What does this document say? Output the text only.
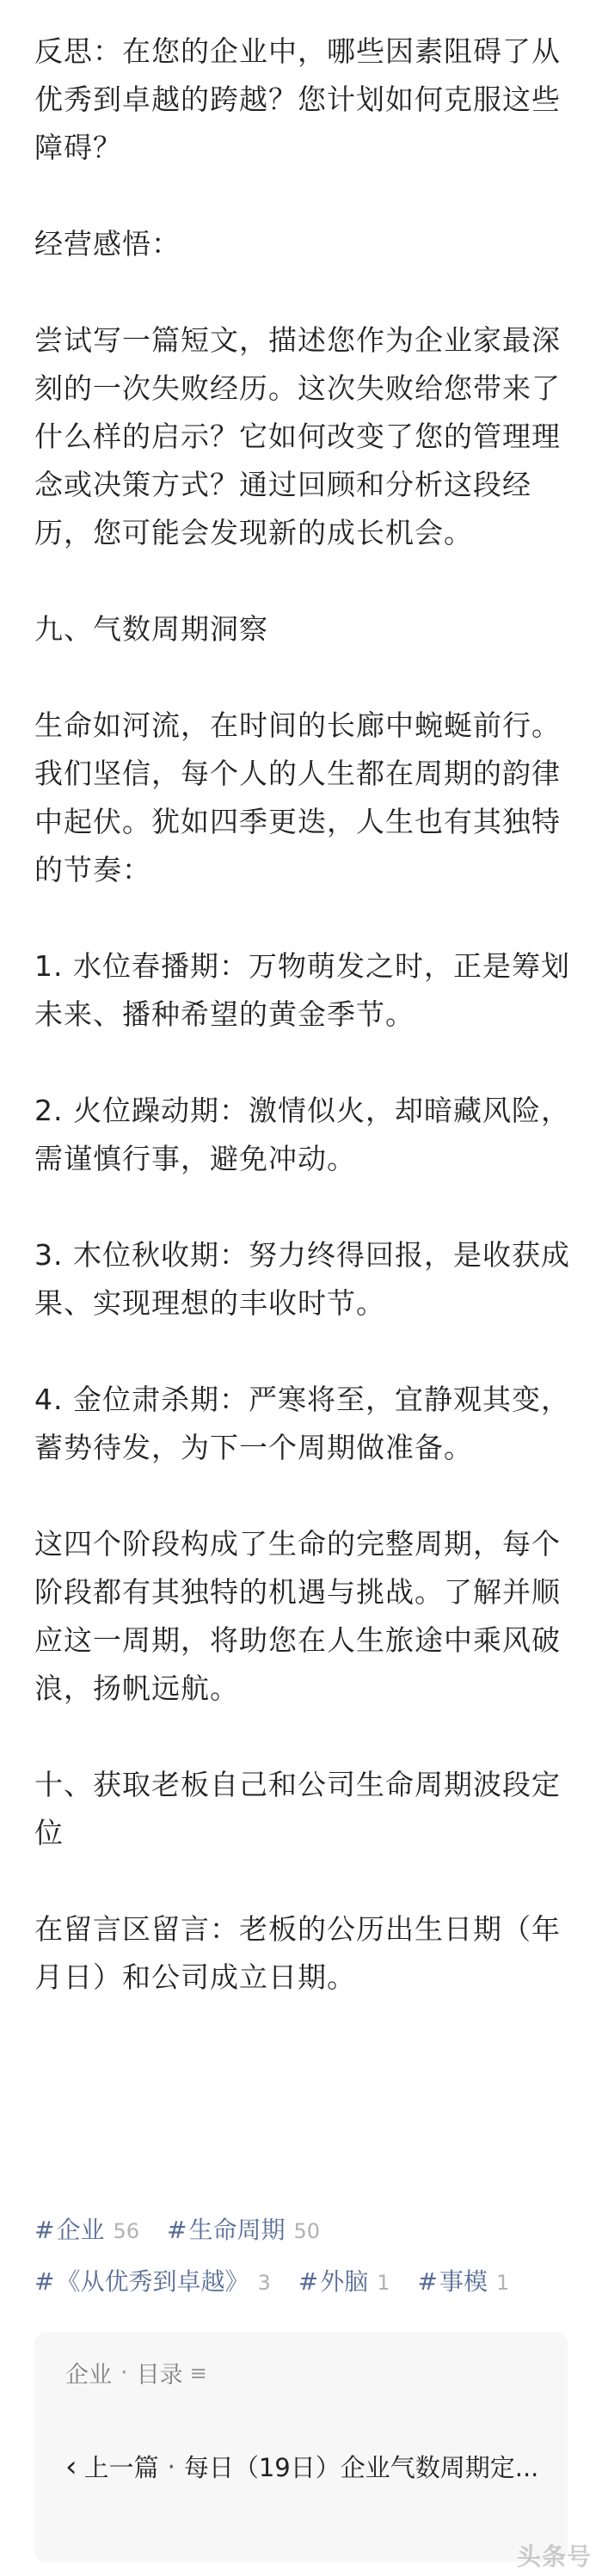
反思：在您的企业中，哪些因素阻碍了从优秀到卓越的跨越？您计划如何克服这些障碍？

经营感悟：

尝试写一篇短文，描述您作为企业家最深刻的一次失败经历。这次失败给您带来了什么样的启示？它如何改变了您的管理理念或决策方式？通过回顾和分析这段经历，您可能会发现新的成长机会。

九、气数周期洞察

生命如河流，在时间的长廊中蜿蜒前行。我们坚信，每个人的人生都在周期的韵律中起伏。犹如四季更迭，人生也有其独特的节奏：

1. 水位春播期：万物萌发之时，正是筹划未来、播种希望的黄金季节。

2. 火位躁动期：激情似火，却暗藏风险，需谨慎行事，避免冲动。

3. 木位秋收期：努力终得回报，是收获成果、实现理想的丰收时节。

4. 金位肃杀期：严寒将至，宜静观其变，蓄势待发，为下一个周期做准备。

这四个阶段构成了生命的完整周期，每个阶段都有其独特的机遇与挑战。了解并顺应这一周期，将助您在人生旅途中乘风破浪，扬帆远航。

十、获取老板自己和公司生命周期波段定位

在留言区留言：老板的公历出生日期（年月日）和公司成立日期。

# 企业 56 # 生命周期 50
# 《从优秀到卓越》 3 # 外脑 1 # 事模 1
企业 · 目录 ≡
‹ 上一篇 · 每日（19日）企业气数周期定...
头条号
